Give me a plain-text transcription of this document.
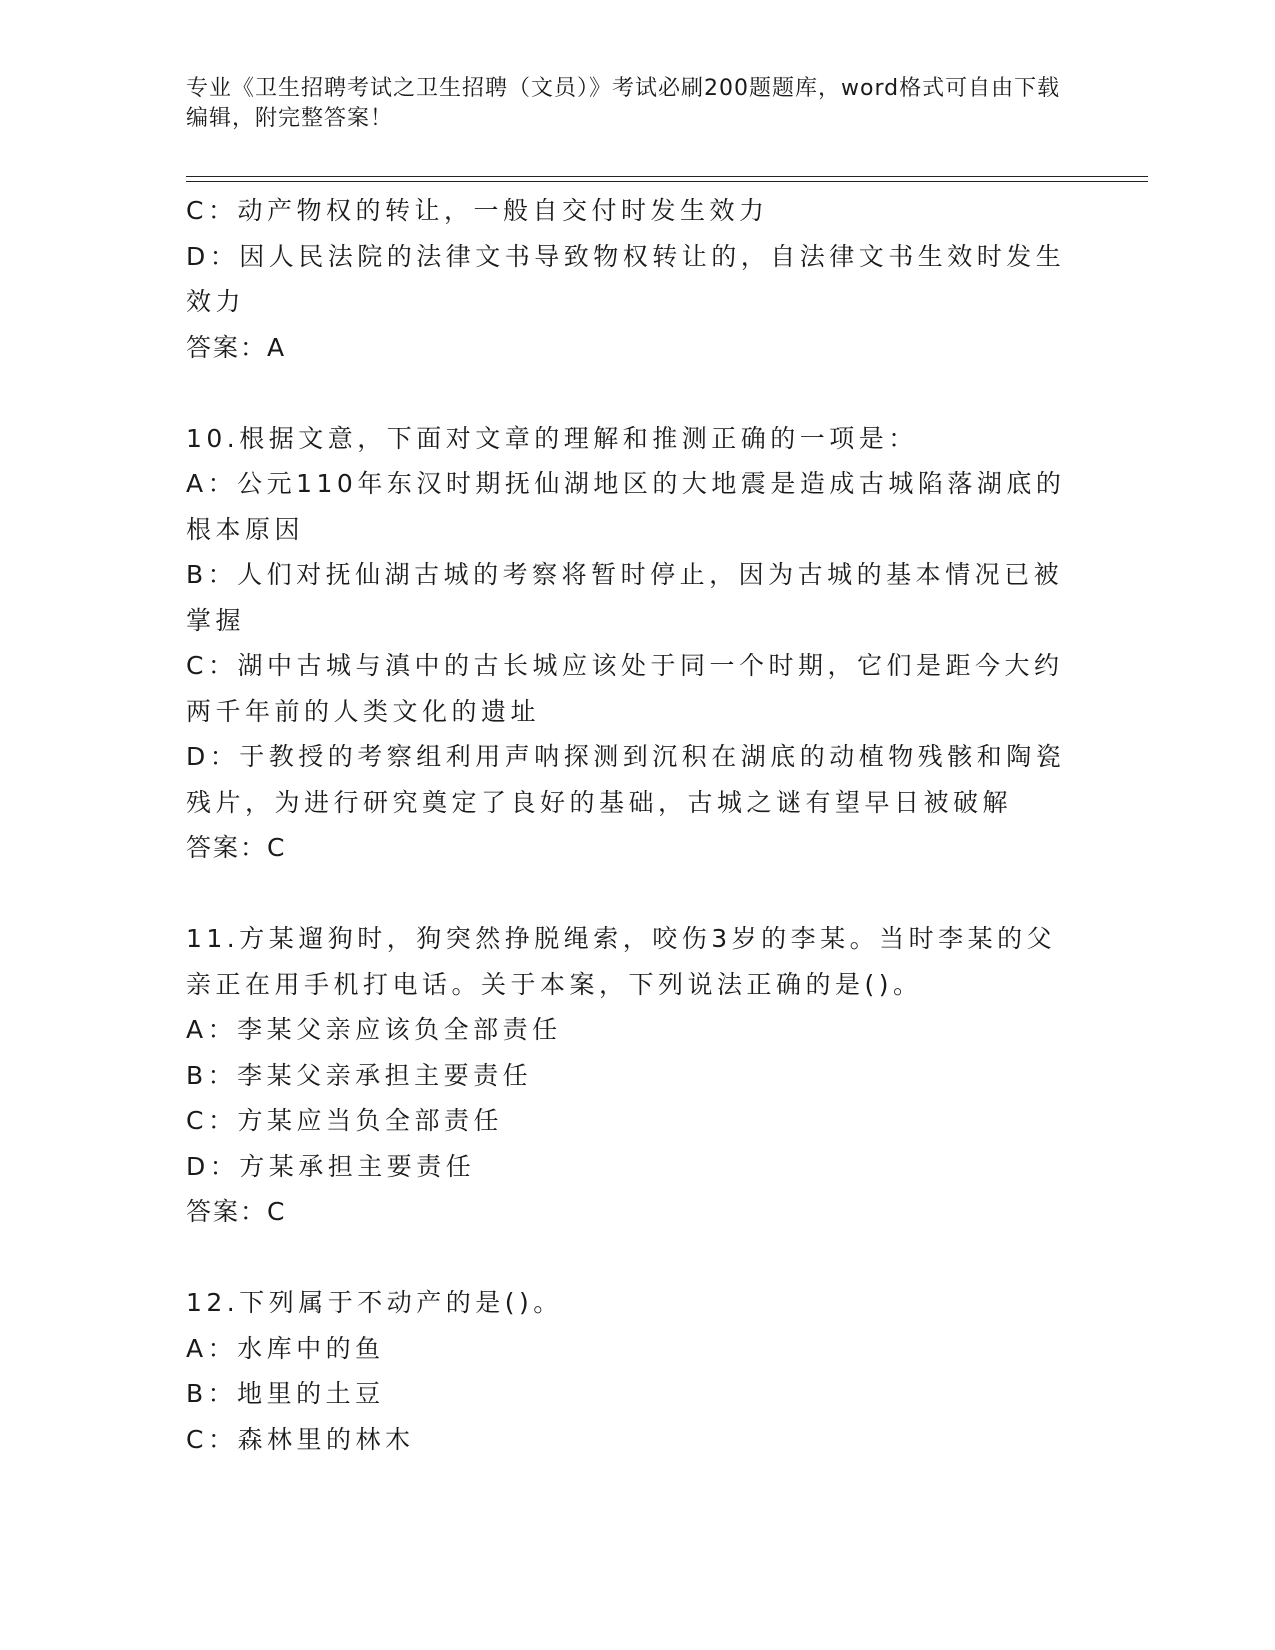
专业《卫生招聘考试之卫生招聘（文员）》考试必刷200题题库，word格式可自由下载编辑，附完整答案！
C：动产物权的转让，一般自交付时发生效力
D：因人民法院的法律文书导致物权转让的，自法律文书生效时发生效力
答案：A
10.根据文意，下面对文章的理解和推测正确的一项是：
A：公元110年东汉时期抚仙湖地区的大地震是造成古城陷落湖底的根本原因
B：人们对抚仙湖古城的考察将暂时停止，因为古城的基本情况已被掌握
C：湖中古城与滇中的古长城应该处于同一个时期，它们是距今大约两千年前的人类文化的遗址
D：于教授的考察组利用声呐探测到沉积在湖底的动植物残骸和陶瓷残片，为进行研究奠定了良好的基础，古城之谜有望早日被破解
答案：C
11.方某遛狗时，狗突然挣脱绳索，咬伤3岁的李某。当时李某的父亲正在用手机打电话。关于本案，下列说法正确的是()。
A：李某父亲应该负全部责任
B：李某父亲承担主要责任
C：方某应当负全部责任
D：方某承担主要责任
答案：C
12.下列属于不动产的是()。
A：水库中的鱼
B：地里的土豆
C：森林里的林木
